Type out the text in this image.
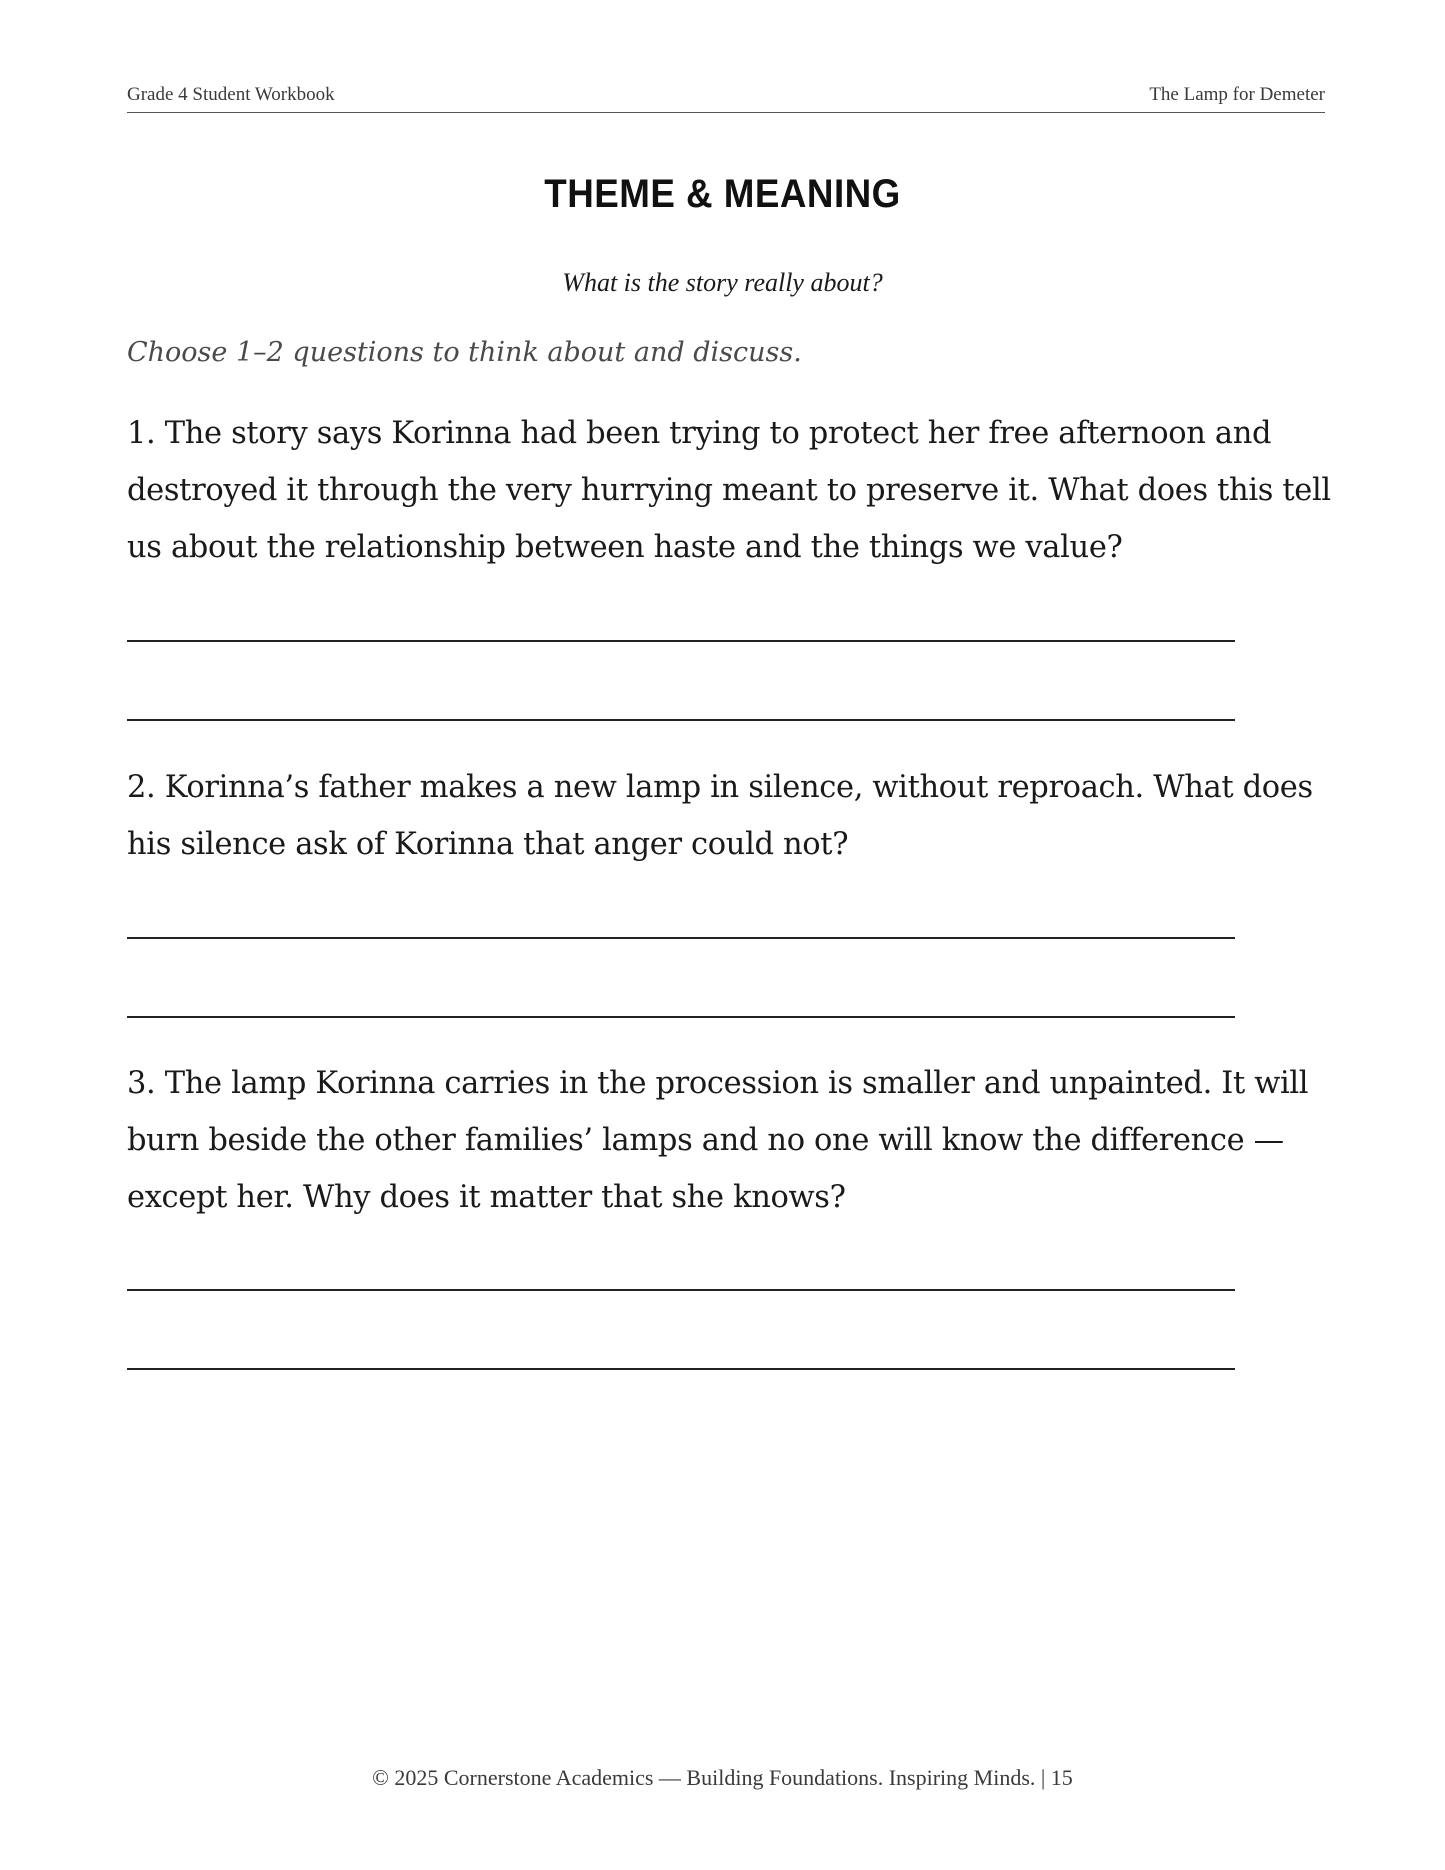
Grade 4 Student Workbook	The Lamp for Demeter
THEME & MEANING
What is the story really about?
Choose 1–2 questions to think about and discuss.
1. The story says Korinna had been trying to protect her free afternoon and destroyed it through the very hurrying meant to preserve it. What does this tell us about the relationship between haste and the things we value?
2. Korinna’s father makes a new lamp in silence, without reproach. What does his silence ask of Korinna that anger could not?
3. The lamp Korinna carries in the procession is smaller and unpainted. It will burn beside the other families’ lamps and no one will know the difference — except her. Why does it matter that she knows?
© 2025 Cornerstone Academics — Building Foundations. Inspiring Minds. | 15
